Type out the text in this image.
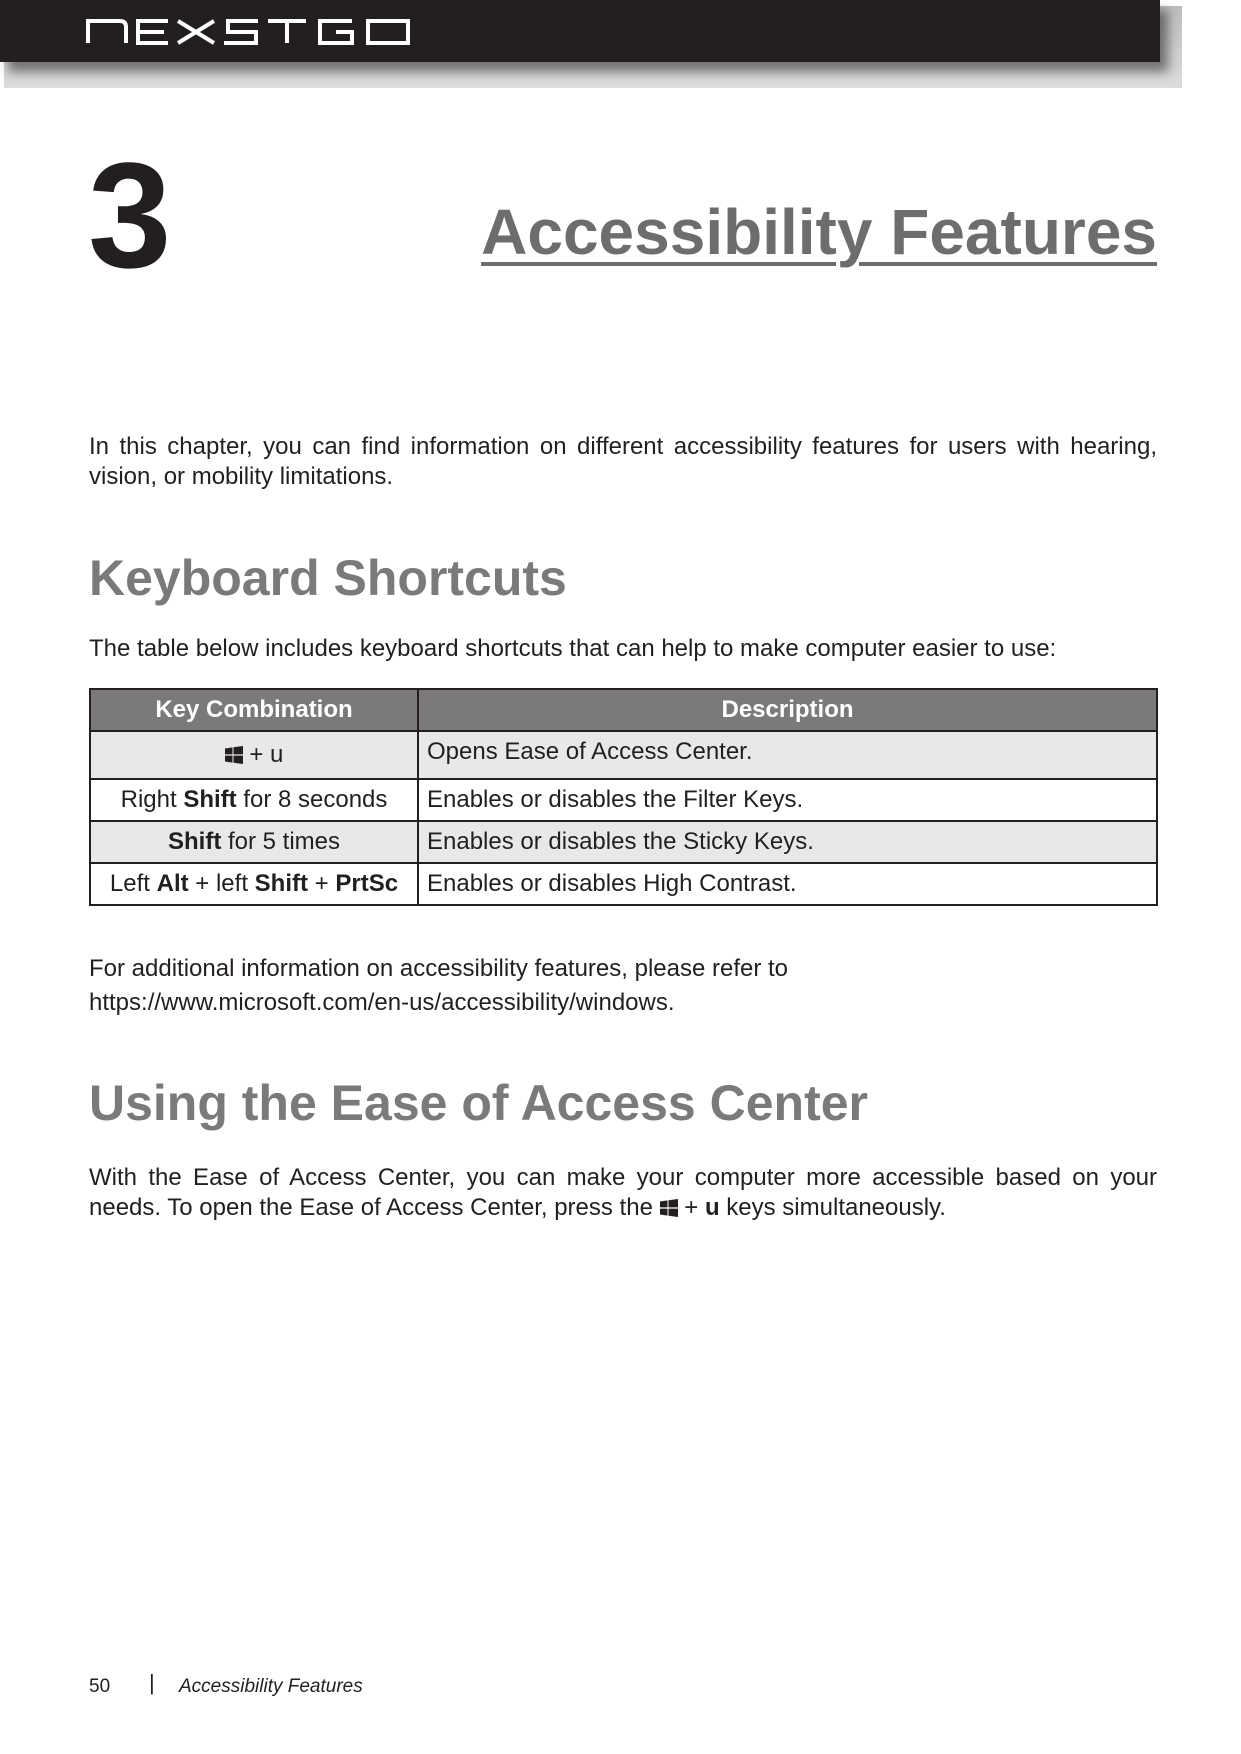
3	Accessibility Features

In this chapter, you can find information on different accessibility features for users with hearing, vision, or mobility limitations.

Keyboard Shortcuts
The table below includes keyboard shortcuts that can help to make computer easier to use:
Key Combination	Description
+ u	Opens Ease of Access Center.
Right Shift for 8 seconds	Enables or disables the Filter Keys.
Shift for 5 times	Enables or disables the Sticky Keys.
Left Alt + left Shift + PrtSc	Enables or disables High Contrast.
For additional information on accessibility features, please refer to
https://www.microsoft.com/en-us/accessibility/windows.
Using the Ease of Access Center

With the Ease of Access Center, you can make your computer more accessible based on your needs. To open the Ease of Access Center, press the  + u keys simultaneously.

50 | Accessibility Features
